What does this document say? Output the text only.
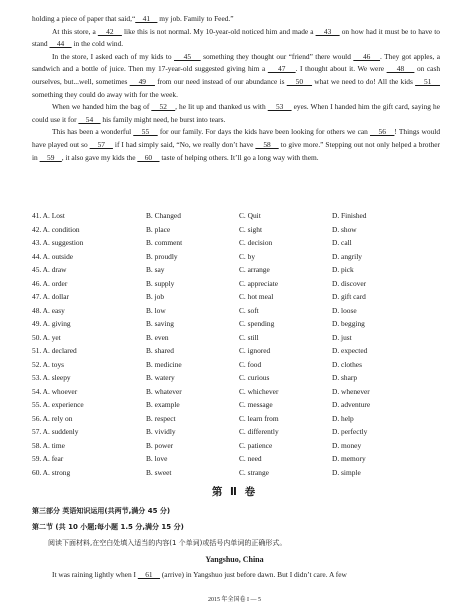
holding a piece of paper that said,“    41     my job. Family to Feed.”

At this store, a     42     like this is not normal. My 10-year-old noticed him and made a     43     on how had it must be to have to stand     44     in the cold wind.

In the store, I asked each of my kids to     45     something they thought our “friend” there would     46    . They got apples, a sandwich and a bottle of juice. Then my 17-year-old suggested giving him a     47    . I thought about it. We were     48     on cash ourselves, but...well, sometimes     49     from our need instead of our abundance is     50     what we need to do! All the kids     51     something they could do away with for the week.

When we handed him the bag of     52    , he lit up and thanked us with     53     eyes. When I handed him the gift card, saying he could use it for     54     his family might need, he burst into tears.

This has been a wonderful     55     for our family. For days the kids have been looking for others we can     56    ! Things would have played out so     57     if I had simply said, “No, we really don’t have     58     to give more.” Stepping out not only helped a brother in     59    , it also gave my kids the     60     taste of helping others. It’ll go a long way with them.

41. A. Lost	B. Changed	C. Quit	D. Finished
42. A. condition	B. place	C. sight	D. show
43. A. suggestion	B. comment	C. decision	D. call
44. A. outside	B. proudly	C. by	D. angrily
45. A. draw	B. say	C. arrange	D. pick
46. A. order	B. supply	C. appreciate	D. discover
47. A. dollar	B. job	C. hot meal	D. gift card
48. A. easy	B. low	C. soft	D. loose
49. A. giving	B. saving	C. spending	D. begging
50. A. yet	B. even	C. still	D. just
51. A. declared	B. shared	C. ignored	D. expected
52. A. toys	B. medicine	C. food	D. clothes
53. A. sleepy	B. watery	C. curious	D. sharp
54. A. whoever	B. whatever	C. whichever	D. whenever
55. A. experience	B. example	C. message	D. adventure
56. A. rely on	B. respect	C. learn from	D. help
57. A. suddenly	B. vividly	C. differently	D. perfectly
58. A. time	B. power	C. patience	D. money
59. A. fear	B. love	C. need	D. memory
60. A. strong	B. sweet	C. strange	D. simple
第 Ⅱ 卷
第三部分 英语知识运用(共两节,满分 45 分)
第二节 (共 10 小题;每小题 1.5 分,满分 15 分)
阅读下面材料,在空白处填入适当的内容(1 个单词)或括号内单词的正确形式。
Yangshuo, China

It was raining lightly when I     61     (arrive) in Yangshuo just before dawn. But I didn’t care. A few

2015 年全国卷 I — 5
